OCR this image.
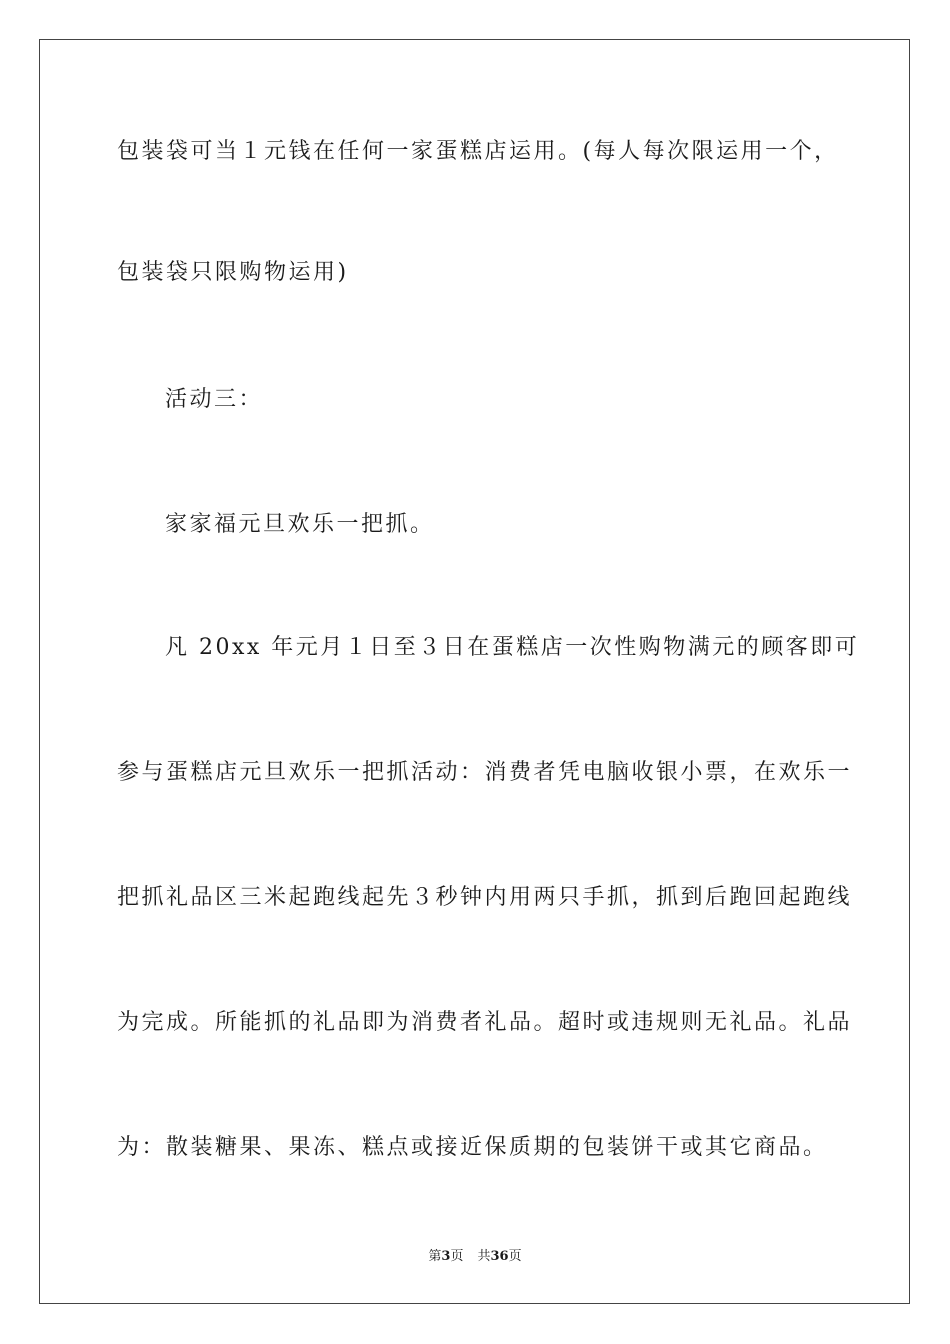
包装袋可当１元钱在任何一家蛋糕店运用。(每人每次限运用一个，
包装袋只限购物运用)
活动三：
家家福元旦欢乐一把抓。
凡 20xx 年元月１日至３日在蛋糕店一次性购物满元的顾客即可
参与蛋糕店元旦欢乐一把抓活动：消费者凭电脑收银小票，在欢乐一
把抓礼品区三米起跑线起先３秒钟内用两只手抓，抓到后跑回起跑线
为完成。所能抓的礼品即为消费者礼品。超时或违规则无礼品。礼品
为：散装糖果、果冻、糕点或接近保质期的包装饼干或其它商品。
第3页 共36页
